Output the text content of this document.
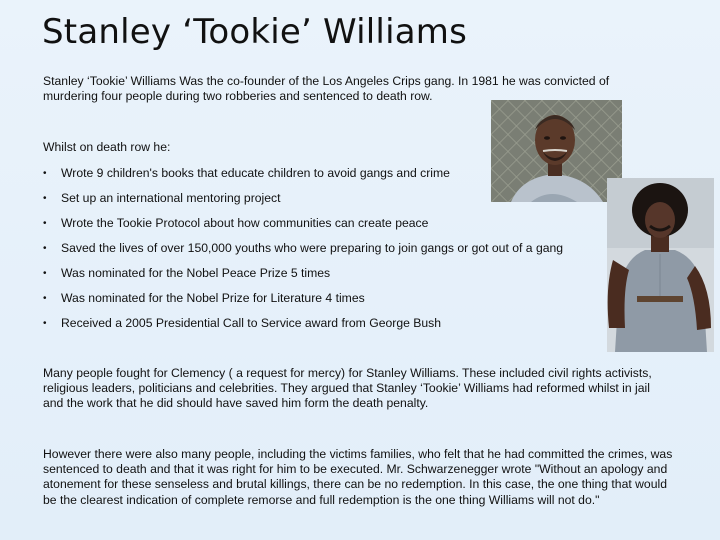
Stanley ‘Tookie’ Williams

Stanley ‘Tookie’ Williams Was the co-founder of the Los Angeles Crips gang. In 1981 he was convicted of murdering four people during two robberies and sentenced to death row.

Whilst on death row he:

• Wrote 9 children's books that educate children to avoid gangs and crime
• Set up an international mentoring project
• Wrote the Tookie Protocol about how communities can create peace
• Saved the lives of over 150,000 youths who were preparing to join gangs or got out of a gang
• Was nominated for the Nobel Peace Prize 5 times
• Was nominated for the Nobel Prize for Literature 4 times
• Received a 2005 Presidential Call to Service award from George Bush

Many people fought for Clemency ( a request for mercy) for Stanley Williams. These included civil rights activists, religious leaders, politicians and celebrities. They argued that Stanley ‘Tookie’ Williams had reformed whilst in jail and the work that he did should have saved him form the death penalty.

However there were also many people, including the victims families, who felt that he had committed the crimes, was sentenced to death and that it was right for him to be executed. Mr. Schwarzenegger wrote "Without an apology and atonement for these senseless and brutal killings, there can be no redemption. In this case, the one thing that would be the clearest indication of complete remorse and full redemption is the one thing Williams will not do."
